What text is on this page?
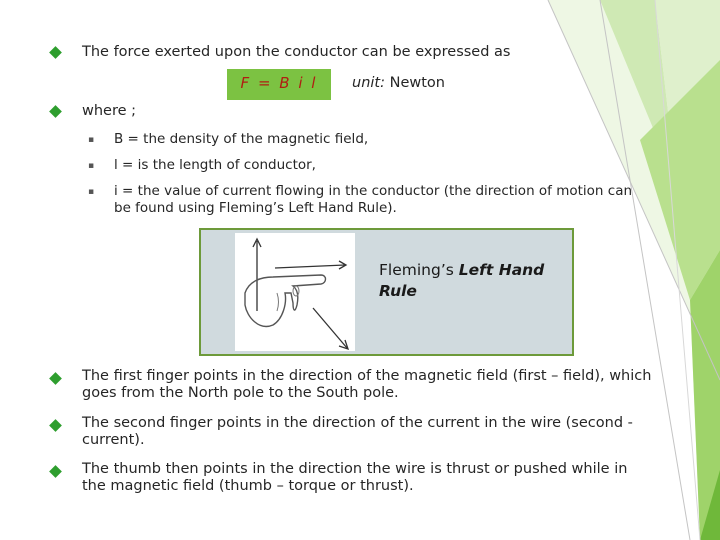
The force exerted upon the conductor can be expressed as
F = B i l	unit: Newton
where ;
▪ B = the density of the magnetic field,
▪ l = is the length of conductor,
▪ i = the value of current flowing in the conductor (the direction of motion can be found using Fleming’s Left Hand Rule).
Fleming’s Left Hand Rule
The first finger points in the direction of the magnetic field (first – field), which goes from the North pole to the South pole.
The second finger points in the direction of the current in the wire (second - current).
The thumb then points in the direction the wire is thrust or pushed while in the magnetic field (thumb – torque or thrust).
